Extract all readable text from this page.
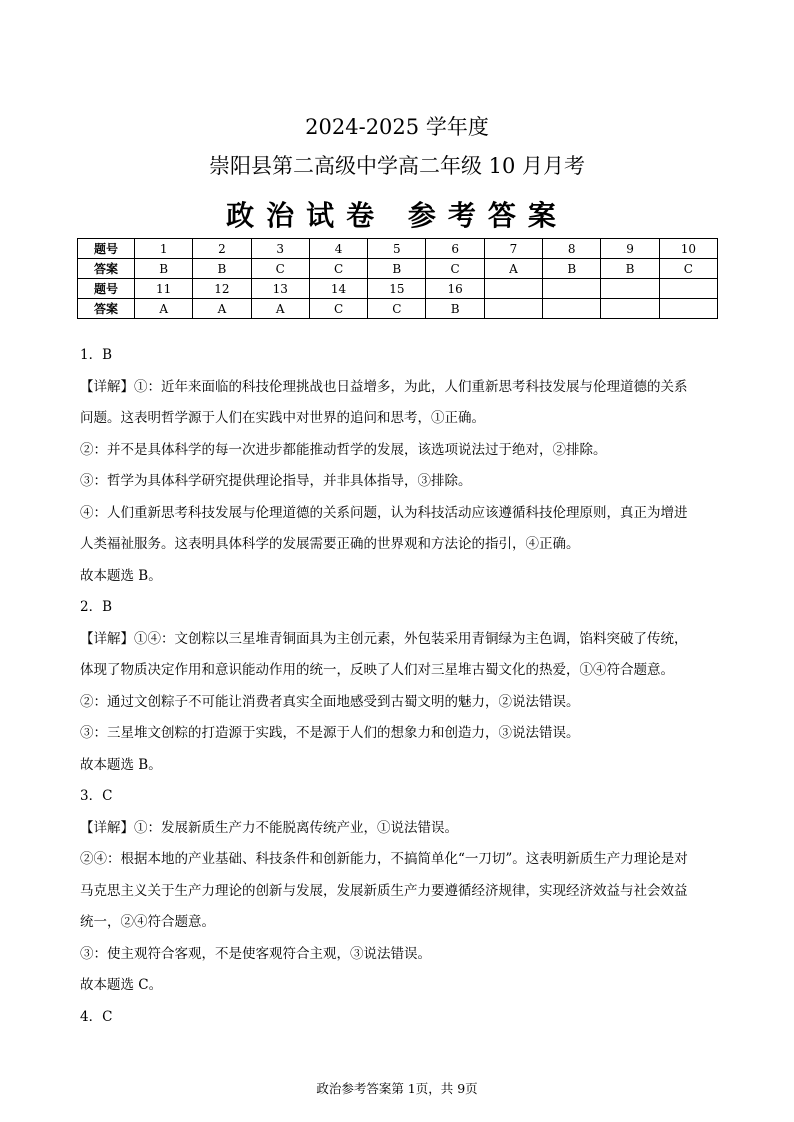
2024-2025 学年度
崇阳县第二高级中学高二年级 10 月月考
政治试卷 参考答案
题号	1	2	3	4	5	6	7	8	9	10
答案	B	B	C	C	B	C	A	B	B	C
题号	11	12	13	14	15	16				
答案	A	A	A	C	C	B				

1．B

【详解】①：近年来面临的科技伦理挑战也日益增多，为此，人们重新思考科技发展与伦理道德的关系

问题。这表明哲学源于人们在实践中对世界的追问和思考，①正确。

②：并不是具体科学的每一次进步都能推动哲学的发展，该选项说法过于绝对，②排除。

③：哲学为具体科学研究提供理论指导，并非具体指导，③排除。

④：人们重新思考科技发展与伦理道德的关系问题，认为科技活动应该遵循科技伦理原则，真正为增进

人类福祉服务。这表明具体科学的发展需要正确的世界观和方法论的指引，④正确。

故本题选 B。

2．B

【详解】①④：文创粽以三星堆青铜面具为主创元素，外包装采用青铜绿为主色调，馅料突破了传统，

体现了物质决定作用和意识能动作用的统一，反映了人们对三星堆古蜀文化的热爱，①④符合题意。

②：通过文创粽子不可能让消费者真实全面地感受到古蜀文明的魅力，②说法错误。

③：三星堆文创粽的打造源于实践，不是源于人们的想象力和创造力，③说法错误。

故本题选 B。

3．C

【详解】①：发展新质生产力不能脱离传统产业，①说法错误。

②④：根据本地的产业基础、科技条件和创新能力，不搞简单化“一刀切”。这表明新质生产力理论是对

马克思主义关于生产力理论的创新与发展，发展新质生产力要遵循经济规律，实现经济效益与社会效益

统一，②④符合题意。

③：使主观符合客观，不是使客观符合主观，③说法错误。

故本题选 C。

4．C

政治参考答案第 1页，共 9页
